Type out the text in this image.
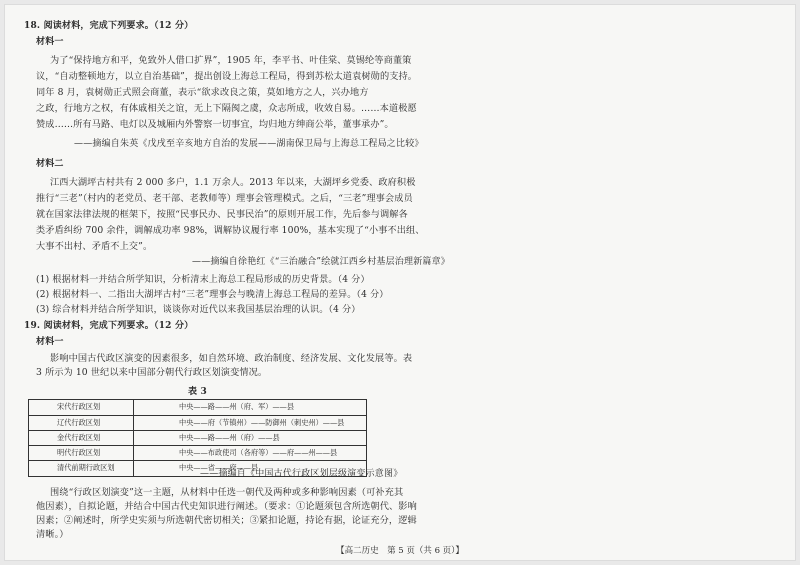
18. 阅读材料，完成下列要求。（12 分）
材料一
为了“保持地方和平，免致外人借口扩界”，1905 年，李平书、叶佳棠、莫锡纶等商董策
议，“自动整顿地方，以立自治基础”，提出创设上海总工程局，得到苏松太道袁树勋的支持。
同年 8 月，袁树勋正式照会商董，表示“欲求改良之策，莫如地方之人，兴办地方
之政，行地方之权，有体戚相关之谊，无上下隔阂之虞，众志所成，收效自易。……本道极愿
赞成……所有马路、电灯以及城厢内外警察一切事宜，均归地方绅商公举，董事承办”。
——摘编自朱英《戊戌至辛亥地方自治的发展——湖南保卫局与上海总工程局之比较》
材料二
江西大湖坪古村共有 2 000 多户，1.1 万余人。2013 年以来，大湖坪乡党委、政府积极
推行“三老”（村内的老党员、老干部、老教师等）理事会管理模式。之后，“三老”理事会成员
就在国家法律法规的框架下，按照“民事民办、民事民治”的原则开展工作，先后参与调解各
类矛盾纠纷 700 余件，调解成功率 98%，调解协议履行率 100%，基本实现了“小事不出组、
大事不出村、矛盾不上交”。
——摘编自徐艳红《“三治融合”绘就江西乡村基层治理新篇章》
(1) 根据材料一并结合所学知识，分析清末上海总工程局形成的历史背景。（4 分）
(2) 根据材料一、二指出大湖坪古村“三老”理事会与晚清上海总工程局的差异。（4 分）
(3) 综合材料并结合所学知识，谈谈你对近代以来我国基层治理的认识。（4 分）
19. 阅读材料，完成下列要求。（12 分）
材料一
影响中国古代政区演变的因素很多，如自然环境、政治制度、经济发展、文化发展等。表
3 所示为 10 世纪以来中国部分朝代行政区划演变情况。
表 3
宋代行政区划	中央——路——州（府、军）——县
辽代行政区划	中央——府（节镇州）——防御州（刺史州）——县
金代行政区划	中央——路——州（府）——县
明代行政区划	中央——布政使司（各府等）——府——州——县
清代前期行政区划	中央——省——府——县
——摘编自《中国古代行政区划层级演变示意图》
围绕“行政区划演变”这一主题，从材料中任选一朝代及两种或多种影响因素（可补充其
他因素），自拟论题，并结合中国古代史知识进行阐述。（要求：①论题须包含所选朝代、影响
因素；②阐述时，所学史实须与所选朝代密切相关；③紧扣论题，持论有据，论证充分，逻辑
清晰。）
【高二历史　第 5 页（共 6 页）】
